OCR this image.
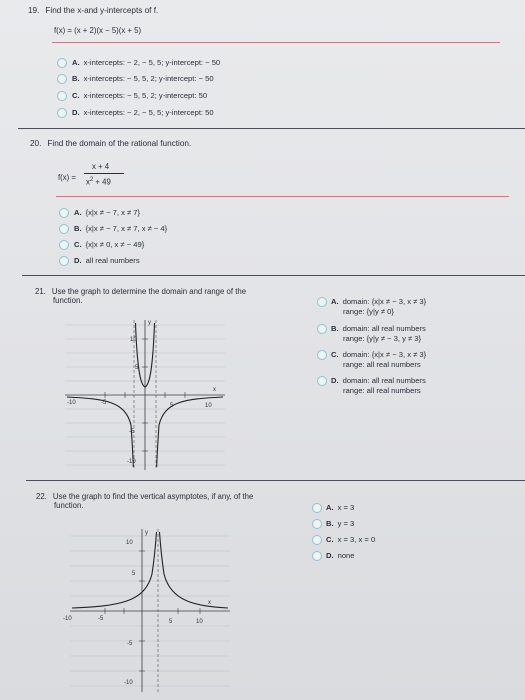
19. Find the x-and y-intercepts of f.
f(x) = (x + 2)(x − 5)(x + 5)
A. x-intercepts: − 2, − 5, 5; y-intercept: − 50
B. x-intercepts: − 5, 5, 2; y-intercept: − 50
C. x-intercepts: − 5, 5, 2; y-intercept: 50
D. x-intercepts: − 2, − 5, 5; y-intercept: 50
20. Find the domain of the rational function.
f(x) =
x + 4
$x^2 + 49$
A. {x|x ≠ − 7, x ≠ 7}
B. {x|x ≠ − 7, x ≠ 7, x ≠ − 4}
C. {x|x ≠ 0, x ≠ − 49}
D. all real numbers
21. Use the graph to determine the domain and range of the
function.
x
y
-10	-5	5	10
10
5
-5
-10
A. domain: {x|x ≠ − 3, x ≠ 3}
range: {y|y ≠ 0}
B. domain: all real numbers
range: {y|y ≠ − 3, y ≠ 3}
C. domain: {x|x ≠ − 3, x ≠ 3}
range: all real numbers
D. domain: all real numbers
range: all real numbers
22. Use the graph to find the vertical asymptotes, if any, of the
function.
x
y
-10	-5	5	10
10
5
-5
-10
A. x = 3
B. y = 3
C. x = 3, x = 0
D. none
